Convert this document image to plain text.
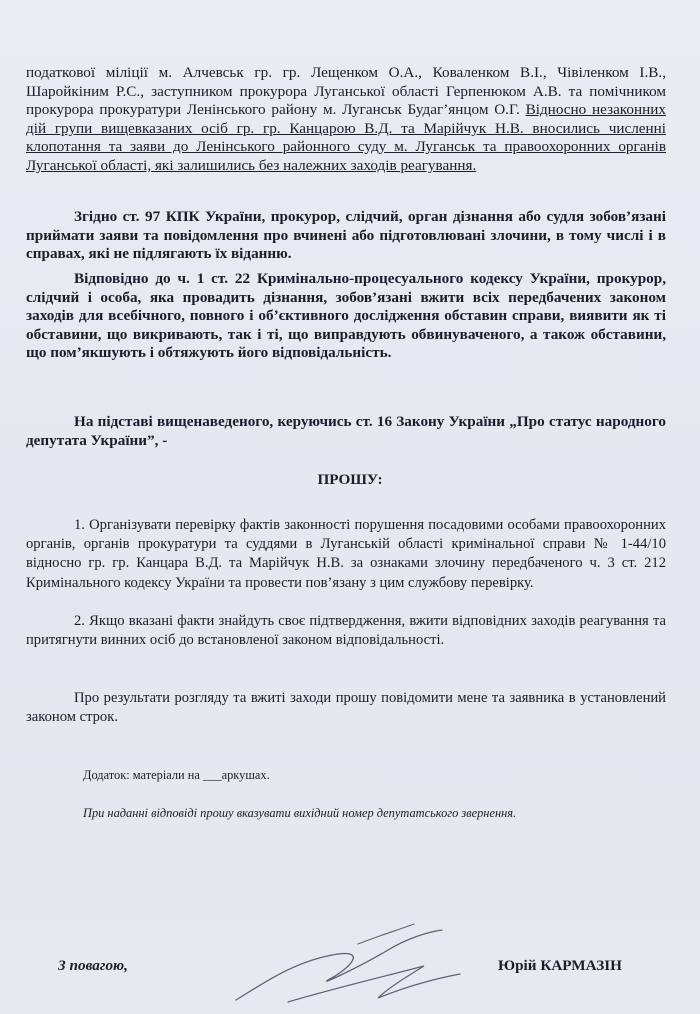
податкової міліції м. Алчевськ гр. гр. Лещенком О.А., Коваленком В.І., Чівіленком І.В., Шаройкіним Р.С., заступником прокурора Луганської області Герпенюком А.В. та помічником прокурора прокуратури Ленінського району м. Луганськ Будаг’янцом О.Г. Відносно незаконних дій групи вищевказаних осіб гр. гр. Канцарою В.Д. та Марійчук Н.В. вносились численні клопотання та заяви до Ленінського районного суду м. Луганськ та правоохоронних органів Луганської області, які залишились без належних заходів реагування.
Згідно ст. 97 КПК України, прокурор, слідчий, орган дізнання або судля зобов’язані приймати заяви та повідомлення про вчинені або підготовлювані злочини, в тому числі і в справах, які не підлягають їх віданню.
Відповідно до ч. 1 ст. 22 Кримінально-процесуального кодексу України, прокурор, слідчий і особа, яка провадить дізнання, зобов’язані вжити всіх передбачених законом заходів для всебічного, повного і об’єктивного дослідження обставин справи, виявити як ті обставини, що викривають, так і ті, що виправдують обвинуваченого, а також обставини, що пом’якшують і обтяжують його відповідальність.
На підставі вищенаведеного, керуючись ст. 16 Закону України „Про статус народного депутата України”, -
ПРОШУ:
1. Організувати перевірку фактів законності порушення посадовими особами правоохоронних органів, органів прокуратури та суддями в Луганській області кримінальної справи № 1-44/10 відносно гр. гр. Канцара В.Д. та Марійчук Н.В. за ознаками злочину передбаченого ч. 3 ст. 212 Кримінального кодексу України та провести пов’язану з цим службову перевірку.
2. Якщо вказані факти знайдуть своє підтвердження, вжити відповідних заходів реагування та притягнути винних осіб до встановленої законом відповідальності.
Про результати розгляду та вжиті заходи прошу повідомити мене та заявника в установлений законом строк.
Додаток: матеріали на ___аркушах.
При наданні відповіді прошу вказувати вихідний номер депутатського звернення.
З повагою,	Юрій КАРМАЗІН
